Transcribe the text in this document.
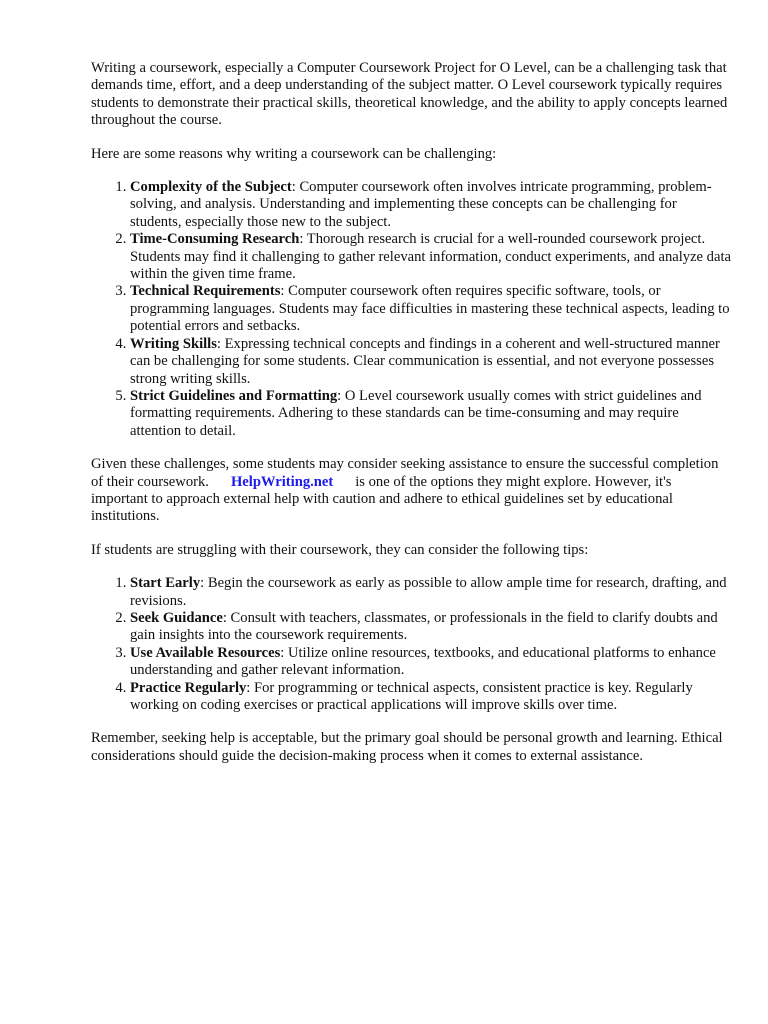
Writing a coursework, especially a Computer Coursework Project for O Level, can be a challenging task that demands time, effort, and a deep understanding of the subject matter. O Level coursework typically requires students to demonstrate their practical skills, theoretical knowledge, and the ability to apply concepts learned throughout the course.

Here are some reasons why writing a coursework can be challenging:

1. Complexity of the Subject: Computer coursework often involves intricate programming, problem-solving, and analysis. Understanding and implementing these concepts can be challenging for students, especially those new to the subject.
2. Time-Consuming Research: Thorough research is crucial for a well-rounded coursework project. Students may find it challenging to gather relevant information, conduct experiments, and analyze data within the given time frame.
3. Technical Requirements: Computer coursework often requires specific software, tools, or programming languages. Students may face difficulties in mastering these technical aspects, leading to potential errors and setbacks.
4. Writing Skills: Expressing technical concepts and findings in a coherent and well-structured manner can be challenging for some students. Clear communication is essential, and not everyone possesses strong writing skills.
5. Strict Guidelines and Formatting: O Level coursework usually comes with strict guidelines and formatting requirements. Adhering to these standards can be time-consuming and may require attention to detail.

Given these challenges, some students may consider seeking assistance to ensure the successful completion of their coursework. HelpWriting.net is one of the options they might explore. However, it's important to approach external help with caution and adhere to ethical guidelines set by educational institutions.

If students are struggling with their coursework, they can consider the following tips:

1. Start Early: Begin the coursework as early as possible to allow ample time for research, drafting, and revisions.
2. Seek Guidance: Consult with teachers, classmates, or professionals in the field to clarify doubts and gain insights into the coursework requirements.
3. Use Available Resources: Utilize online resources, textbooks, and educational platforms to enhance understanding and gather relevant information.
4. Practice Regularly: For programming or technical aspects, consistent practice is key. Regularly working on coding exercises or practical applications will improve skills over time.

Remember, seeking help is acceptable, but the primary goal should be personal growth and learning. Ethical considerations should guide the decision-making process when it comes to external assistance.
